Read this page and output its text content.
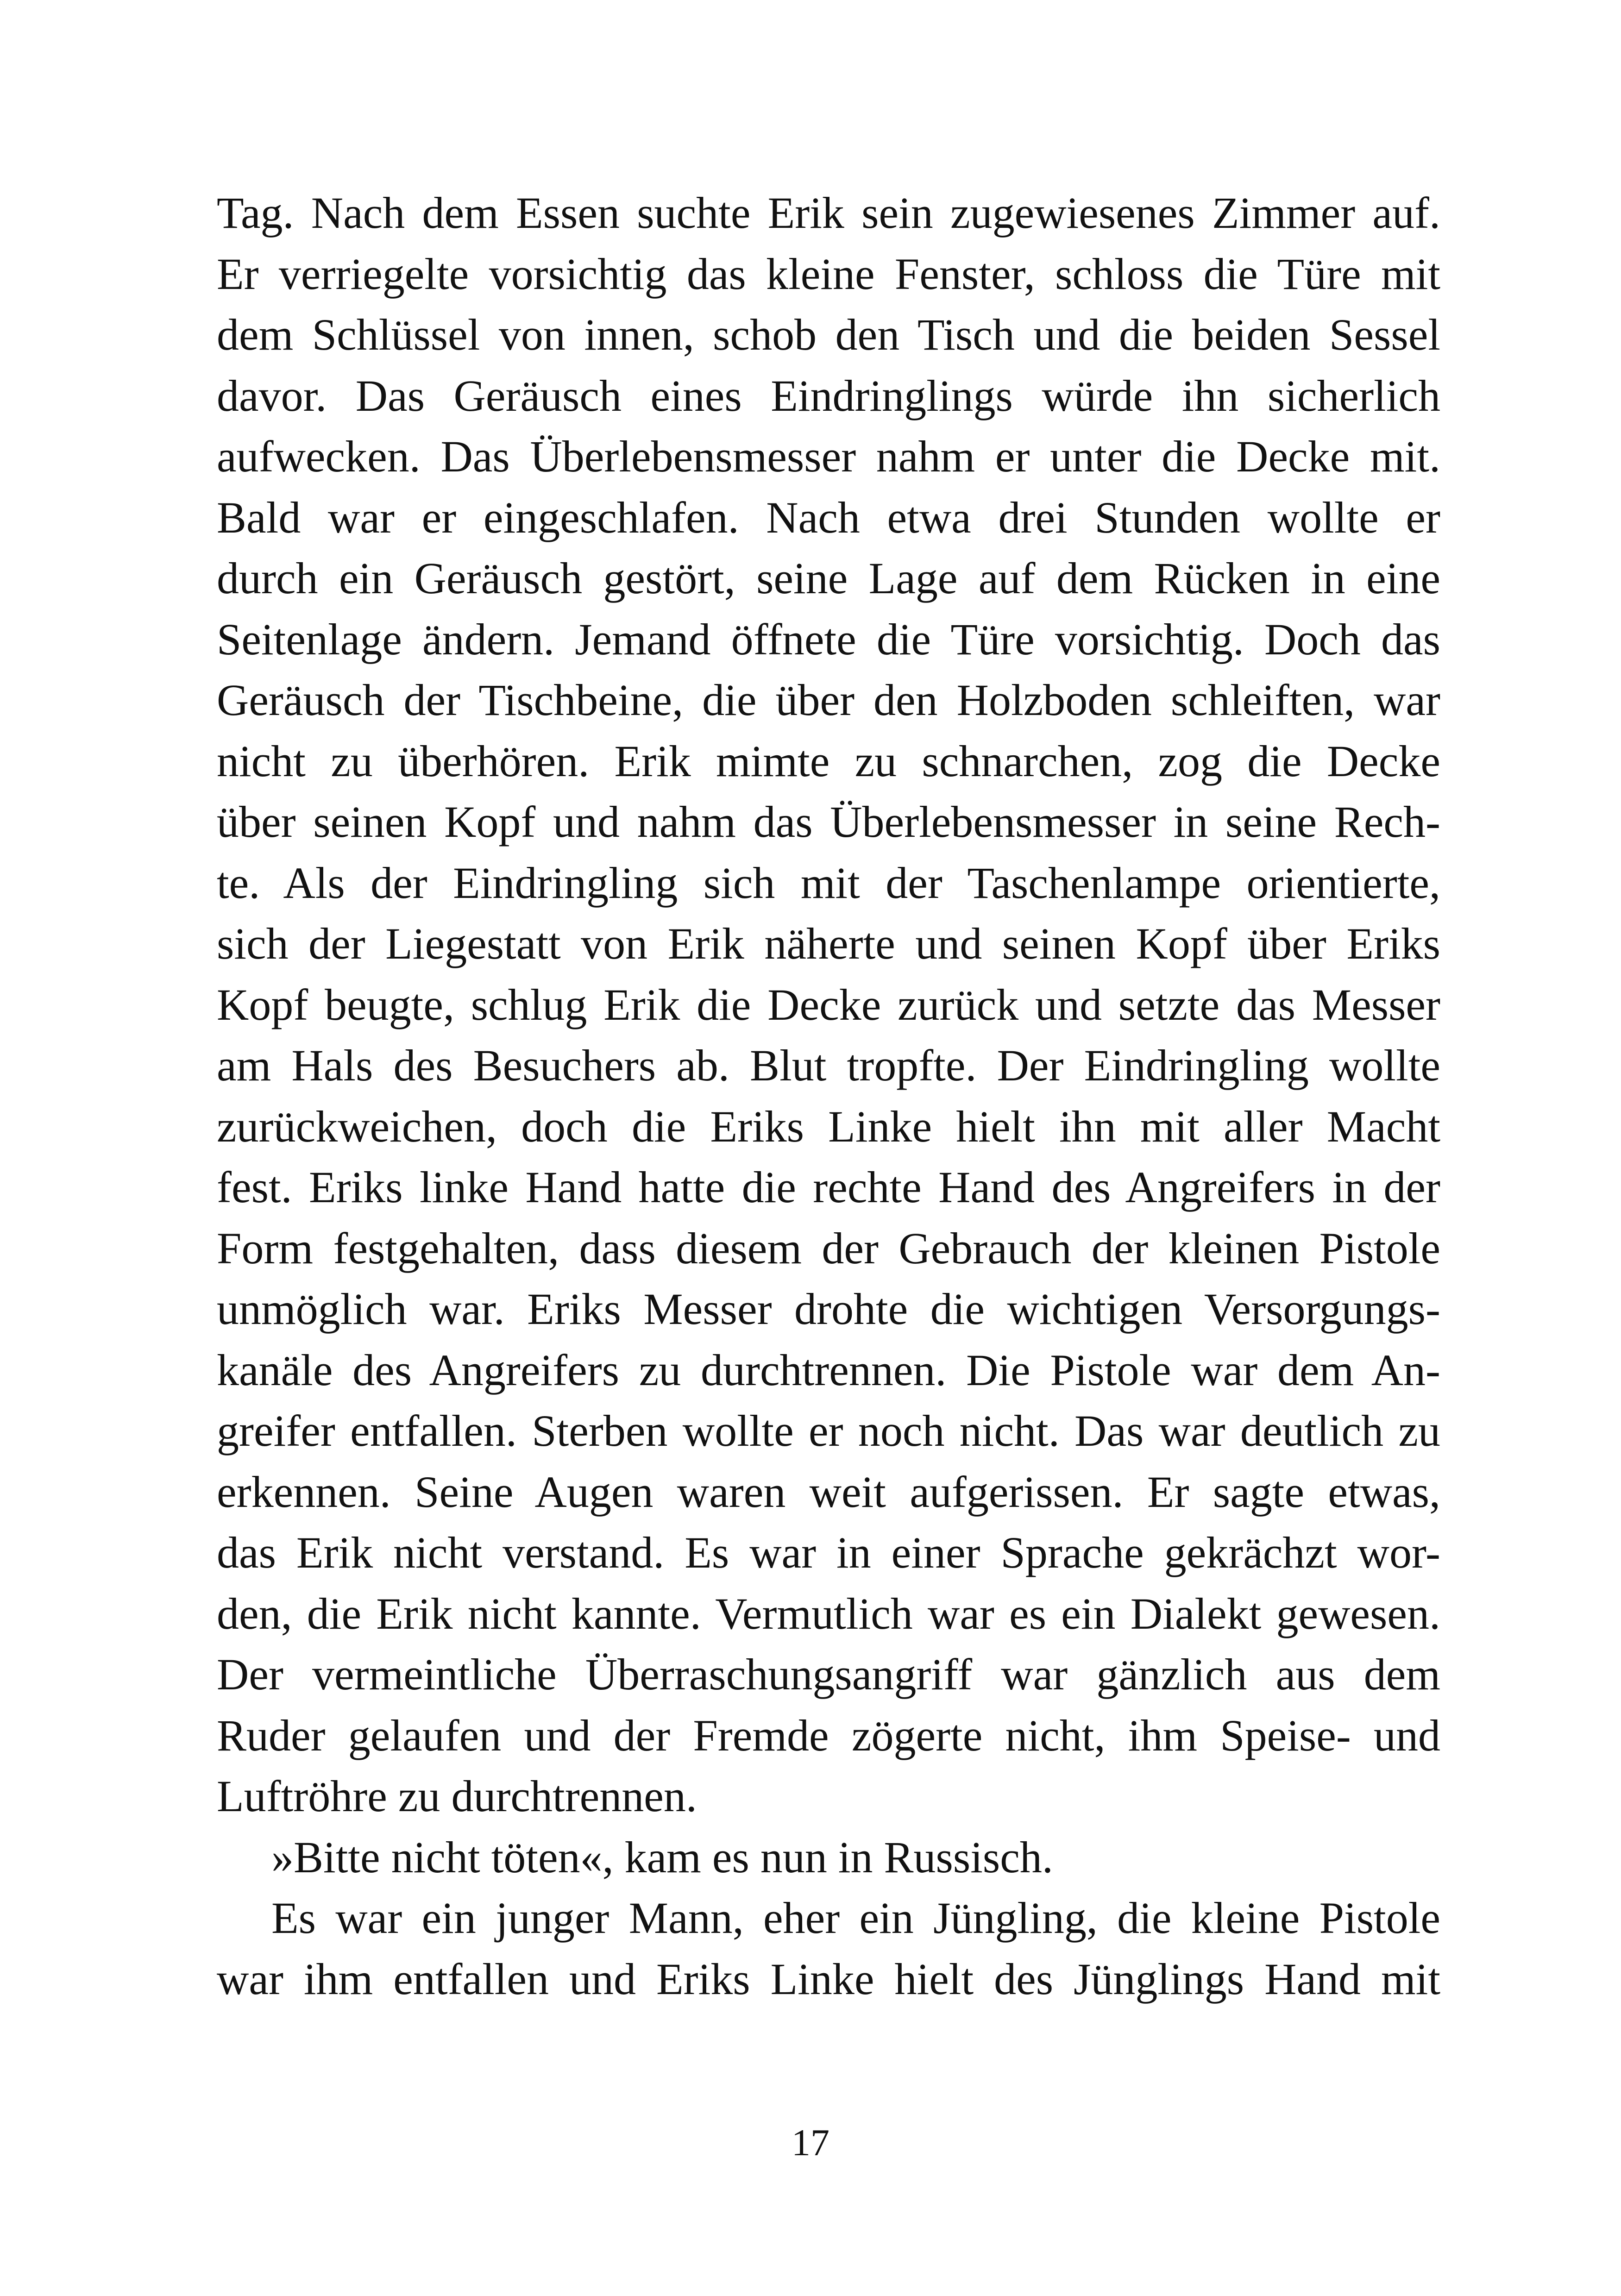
Tag. Nach dem Essen suchte Erik sein zugewiesenes Zimmer auf.
Er verriegelte vorsichtig das kleine Fenster, schloss die Türe mit
dem Schlüssel von innen, schob den Tisch und die beiden Sessel
davor. Das Geräusch eines Eindringlings würde ihn sicherlich
aufwecken. Das Überlebensmesser nahm er unter die Decke mit.
Bald war er eingeschlafen. Nach etwa drei Stunden wollte er
durch ein Geräusch gestört, seine Lage auf dem Rücken in eine
Seitenlage ändern. Jemand öffnete die Türe vorsichtig. Doch das
Geräusch der Tischbeine, die über den Holzboden schleiften, war
nicht zu überhören. Erik mimte zu schnarchen, zog die Decke
über seinen Kopf und nahm das Überlebensmesser in seine Rech-
te. Als der Eindringling sich mit der Taschenlampe orientierte,
sich der Liegestatt von Erik näherte und seinen Kopf über Eriks
Kopf beugte, schlug Erik die Decke zurück und setzte das Messer
am Hals des Besuchers ab. Blut tropfte. Der Eindringling wollte
zurückweichen, doch die Eriks Linke hielt ihn mit aller Macht
fest. Eriks linke Hand hatte die rechte Hand des Angreifers in der
Form festgehalten, dass diesem der Gebrauch der kleinen Pistole
unmöglich war. Eriks Messer drohte die wichtigen Versorgungs-
kanäle des Angreifers zu durchtrennen. Die Pistole war dem An-
greifer entfallen. Sterben wollte er noch nicht. Das war deutlich zu
erkennen. Seine Augen waren weit aufgerissen. Er sagte etwas,
das Erik nicht verstand. Es war in einer Sprache gekrächzt wor-
den, die Erik nicht kannte. Vermutlich war es ein Dialekt gewesen.
Der vermeintliche Überraschungsangriff war gänzlich aus dem
Ruder gelaufen und der Fremde zögerte nicht, ihm Speise- und
Luftröhre zu durchtrennen.
»Bitte nicht töten«, kam es nun in Russisch.
Es war ein junger Mann, eher ein Jüngling, die kleine Pistole
war ihm entfallen und Eriks Linke hielt des Jünglings Hand mit
17
